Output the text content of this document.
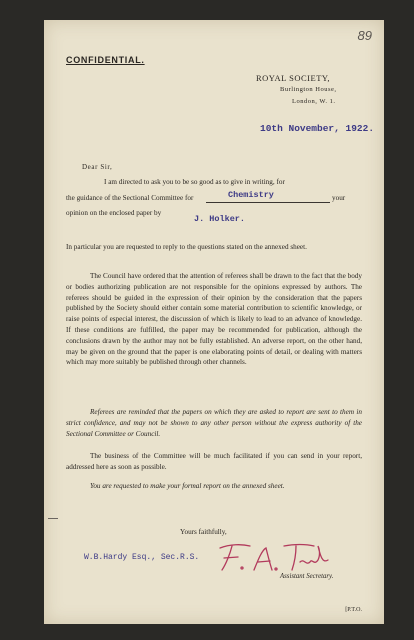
89
CONFIDENTIAL.
ROYAL SOCIETY,
Burlington House,
London, W. 1.
10th November, 1922.
Dear Sir,
I am directed to ask you to be so good as to give in writing, for
the guidance of the Sectional Committee for	Chemistry	your
opinion on the enclosed paper by
J. Holker.
In particular you are requested to reply to the questions stated on the annexed sheet.
The Council have ordered that the attention of referees shall be drawn to the fact that the body or bodies authorizing publication are not responsible for the opinions expressed by authors. The referees should be guided in the expression of their opinion by the consideration that the papers published by the Society should either contain some material contribution to scientific knowledge, or raise points of especial interest, the discussion of which is likely to lead to an advance of knowledge. If these conditions are fulfilled, the paper may be recommended for publication, although the conclusions drawn by the author may not be fully established. An adverse report, on the other hand, may be given on the ground that the paper is one elaborating points of detail, or dealing with matters which may more suitably be published through other channels.
Referees are reminded that the papers on which they are asked to report are sent to them in strict confidence, and may not be shown to any other person without the express authority of the Sectional Committee or Council.
The business of the Committee will be much facilitated if you can send in your report, addressed here as soon as possible.
You are requested to make your formal report on the annexed sheet.
Yours faithfully,
W.B.Hardy Esq., Sec.R.S.
Assistant Secretary.
[P.T.O.
